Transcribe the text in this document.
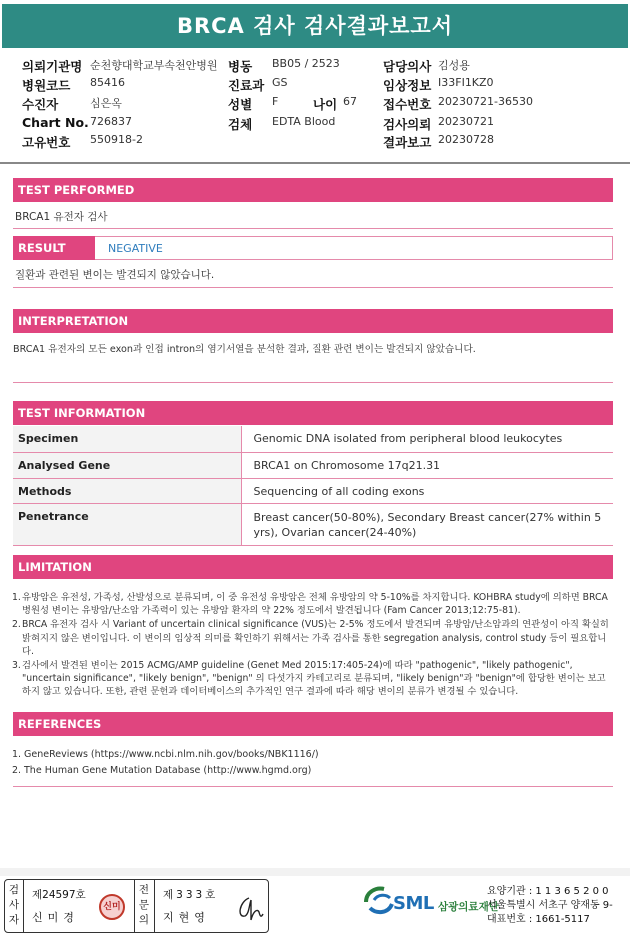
BRCA 검사 검사결과보고서
의뢰기관명 순천향대학교부속천안병원
병원코드 85416
수진자	심은옥
Chart No. 726837
고유번호 550918-2
병동 BB05 / 2523
진료과 GS
성별 F	나이 67
검체 EDTA Blood
담당의사 김성용
임상정보 I33FI1KZ0
접수번호 20230721-36530
검사의뢰 20230721
결과보고 20230728
TEST PERFORMED
BRCA1 유전자 검사
RESULT	NEGATIVE
질환과 관련된 변이는 발견되지 않았습니다.
INTERPRETATION
BRCA1 유전자의 모든 exon과 인접 intron의 염기서열을 분석한 결과, 질환 관련 변이는 발견되지 않았습니다.
TEST INFORMATION
Specimen	Genomic DNA isolated from peripheral blood leukocytes
Analysed Gene	BRCA1 on Chromosome 17q21.31
Methods	Sequencing of all coding exons
Penetrance	Breast cancer(50-80%), Secondary Breast cancer(27% within 5 yrs), Ovarian cancer(24-40%)
LIMITATION
1. 유방암은 유전성, 가족성, 산발성으로 분류되며, 이 중 유전성 유방암은 전체 유방암의 약 5-10%를 차지합니다. KOHBRA study에 의하면 BRCA 병원성 변이는 유방암/난소암 가족력이 있는 유방암 환자의 약 22% 정도에서 발견됩니다 (Fam Cancer 2013;12:75-81).
2. BRCA 유전자 검사 시 Variant of uncertain clinical significance (VUS)는 2-5% 정도에서 발견되며 유방암/난소암과의 연관성이 아직 확실히 밝혀지지 않은 변이입니다. 이 변이의 임상적 의미를 확인하기 위해서는 가족 검사를 통한 segregation analysis, control study 등이 필요합니다.
3. 검사에서 발견된 변이는 2015 ACMG/AMP guideline (Genet Med 2015:17:405-24)에 따라 "pathogenic", "likely pathogenic", "uncertain significance", "likely benign", "benign" 의 다섯가지 카테고리로 분류되며, "likely benign"과 "benign"에 합당한 변이는 보고하지 않고 있습니다. 또한, 관련 문헌과 데이터베이스의 추가적인 연구 결과에 따라 해당 변이의 분류가 변경될 수 있습니다.
REFERENCES
1. GeneReviews (https://www.ncbi.nlm.nih.gov/books/NBK1116/)
2. The Human Gene Mutation Database (http://www.hgmd.org)
검사자
제24597호
신미경
신미
전문의
제333호
지현영
SML 삼광의료재단
요양기관 : 1 1 3 6 5 2 0 0
서울특별시 서초구 양재동 9-
대표번호 : 1661-5117
